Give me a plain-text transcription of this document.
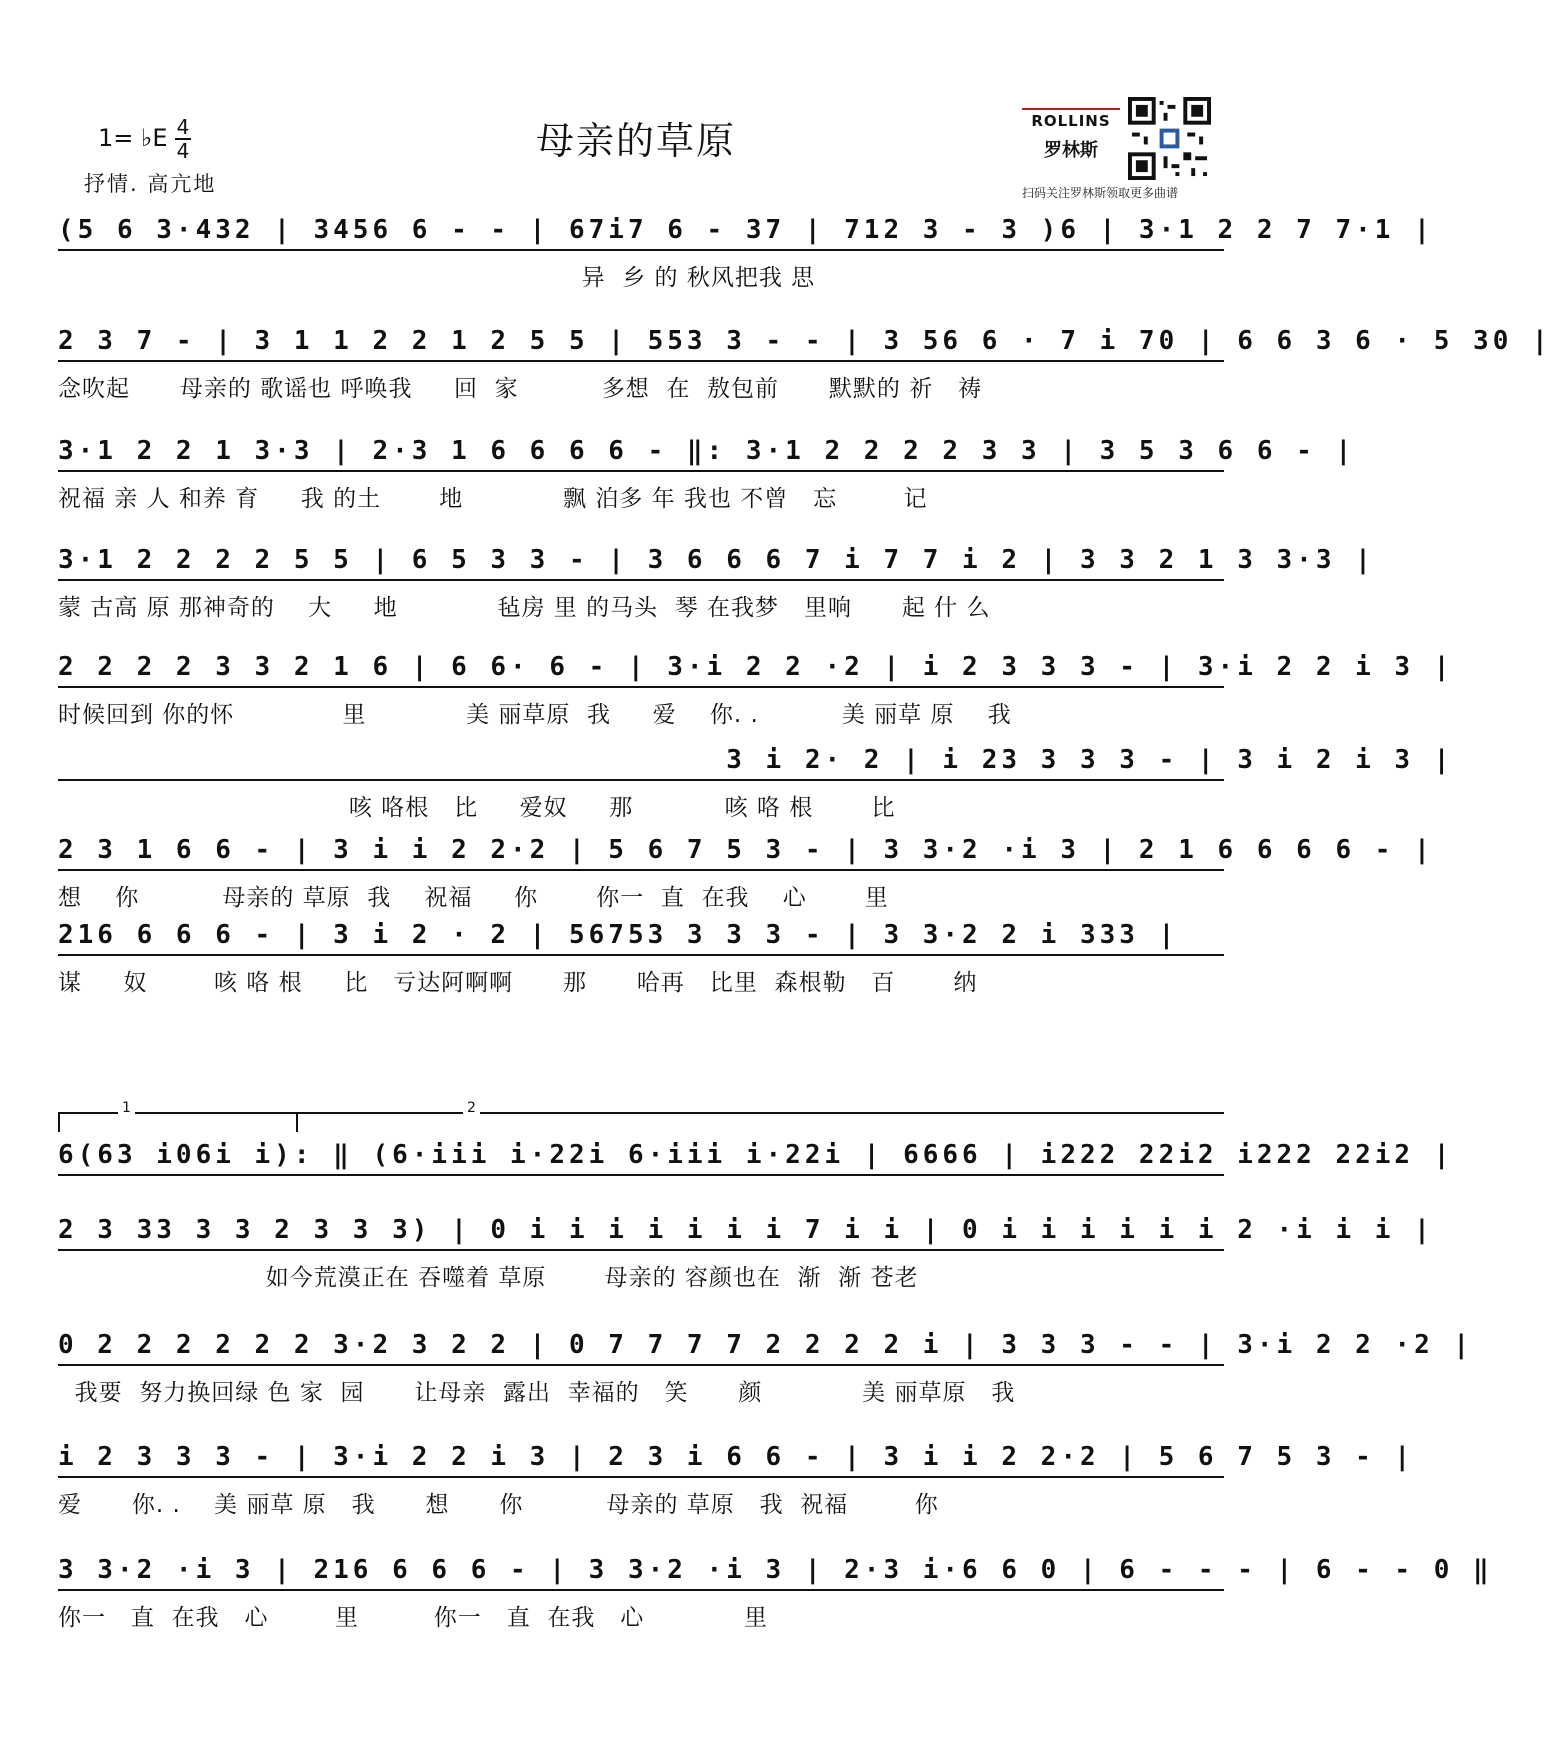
1= ♭E 4
4
抒情. 高亢地
母亲的草原	ROLLINS
罗林斯
扫码关注罗林斯领取更多曲谱
(5 6 3·432 | 3456 6 - - | 67i7 6 - 37 | 712 3 - 3 )6 | 3·1 2 2 7 7·1 |
异  乡 的 秋风把我 思
2 3 7 - | 3 1 1 2 2 1 2 5 5 | 553 3 - - | 3 56 6 · 7 i 70 | 6 6 3 6 · 5 30 |
念吹起      母亲的 歌谣也 呼唤我     回  家          多想  在  敖包前      默默的 祈   祷
3·1 2 2 1 3·3 | 2·3 1 6 6 6 6 - ‖: 3·1 2 2 2 2 3 3 | 3 5 3 6 6 - |
祝福 亲 人 和养 育     我 的土       地            飘 泊多 年 我也 不曾   忘        记
3·1 2 2 2 2 5 5 | 6 5 3 3 - | 3 6 6 6 7 i 7 7 i 2 | 3 3 2 1 3 3·3 |
蒙 古高 原 那神奇的    大     地            毡房 里 的马头  琴 在我梦   里响      起 什 么
2 2 2 2 3 3 2 1 6 | 6 6· 6 - | 3·i 2 2 ·2 | i 2 3 3 3 - | 3·i 2 2 i 3 |
时候回到 你的怀             里            美 丽草原  我     爱    你. .          美 丽草 原    我
3 i 2· 2 | i 23 3 3 3 - | 3 i 2 i 3 |
咳 咯根   比     爱奴     那           咳 咯 根       比
2 3 1 6 6 - | 3 i i 2 2·2 | 5 6 7 5 3 - | 3 3·2 ·i 3 | 2 1 6 6 6 6 - |
想    你          母亲的 草原  我    祝福     你       你一  直  在我    心       里
216 6 6 6 - | 3 i 2 · 2 | 56753 3 3 3 - | 3 3·2 2 i 333 |
谋     奴        咳 咯 根     比   亏达阿啊啊      那      哈再   比里  森根勒   百       纳
1	2
6(63 i06i i): ‖ (6·iii i·22i 6·iii i·22i | 6666 | i222 22i2 i222 22i2 |
2 3 33 3 3 2 3 3 3) | 0 i i i i i i i 7 i i | 0 i i i i i i 2 ·i i i |
如今荒漠正在 吞噬着 草原       母亲的 容颜也在  渐  渐 苍老
0 2 2 2 2 2 2 3·2 3 2 2 | 0 7 7 7 7 2 2 2 2 i | 3 3 3 - - | 3·i 2 2 ·2 |
我要  努力换回绿 色 家  园      让母亲  露出  幸福的   笑      颜            美 丽草原   我
i 2 3 3 3 - | 3·i 2 2 i 3 | 2 3 i 6 6 - | 3 i i 2 2·2 | 5 6 7 5 3 - |
爱      你. .    美 丽草 原   我      想      你          母亲的 草原   我  祝福        你
3 3·2 ·i 3 | 216 6 6 6 - | 3 3·2 ·i 3 | 2·3 i·6 6 0 | 6 - - - | 6 - - 0 ‖
你一   直  在我   心        里         你一   直  在我   心            里
